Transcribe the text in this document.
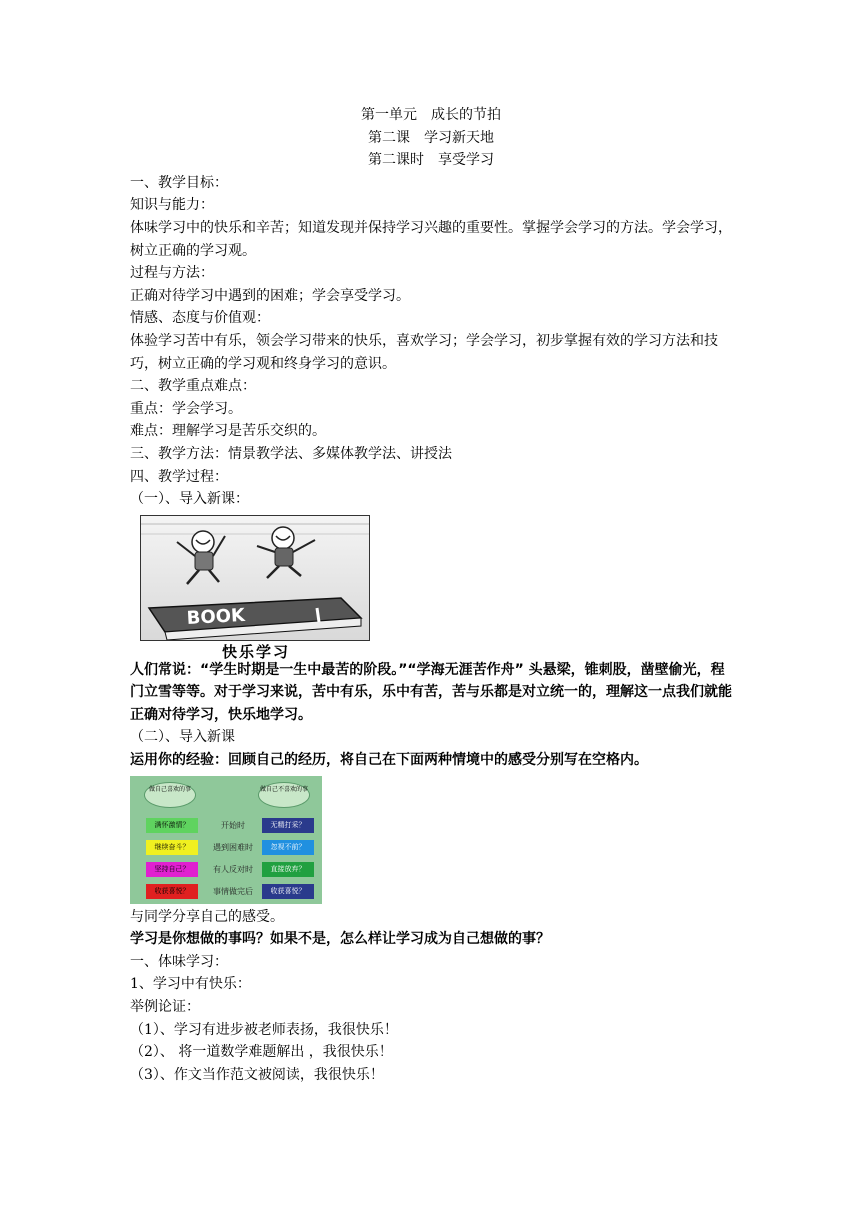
第一单元　成长的节拍

第二课　学习新天地

第二课时　享受学习

一、教学目标：

知识与能力：

体味学习中的快乐和辛苦；知道发现并保持学习兴趣的重要性。掌握学会学习的方法。学会学习，树立正确的学习观。

过程与方法：

正确对待学习中遇到的困难；学会享受学习。

情感、态度与价值观：

体验学习苦中有乐，领会学习带来的快乐，喜欢学习；学会学习，初步掌握有效的学习方法和技巧，树立正确的学习观和终身学习的意识。

二、教学重点难点：

重点：学会学习。

难点：理解学习是苦乐交织的。

三、教学方法：情景教学法、多媒体教学法、讲授法

四、教学过程：

（一）、导入新课：

BOOK
快乐学习

人们常说：“学生时期是一生中最苦的阶段。”“学海无涯苦作舟” 头悬梁，锥刺股，凿壁偷光，程门立雪等等。对于学习来说，苦中有乐，乐中有苦，苦与乐都是对立统一的，理解这一点我们就能正确对待学习，快乐地学习。

（二）、导入新课

运用你的经验：回顾自己的经历，将自己在下面两种情境中的感受分别写在空格内。

做自己喜欢的事	做自己不喜欢的事
满怀激情？	开始时	无精打采？
继续奋斗？	遇到困难时	忽视不前？
坚持自己？	有人反对时	直接放弃？
收获喜悦？	事情做完后	收获喜悦？

与同学分享自己的感受。

学习是你想做的事吗？如果不是，怎么样让学习成为自己想做的事？

一、体味学习：

1、学习中有快乐：

举例论证：

（1）、学习有进步被老师表扬，我很快乐！

（2）、 将一道数学难题解出 ，我很快乐！

（3）、作文当作范文被阅读，我很快乐！
